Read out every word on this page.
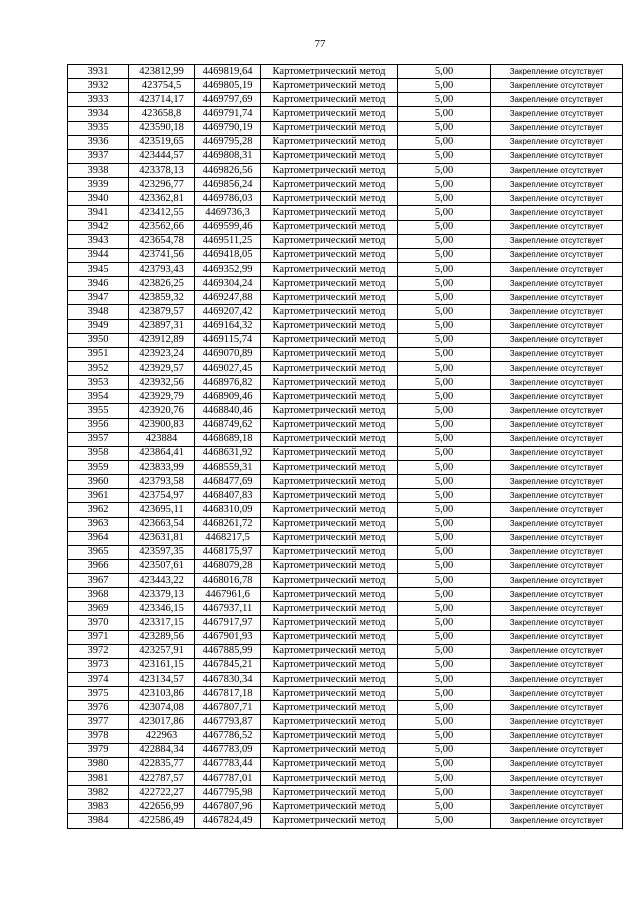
77
3931	423812,99	4469819,64	Картометрический метод	5,00	Закрепление отсутствует
3932	423754,5	4469805,19	Картометрический метод	5,00	Закрепление отсутствует
3933	423714,17	4469797,69	Картометрический метод	5,00	Закрепление отсутствует
3934	423658,8	4469791,74	Картометрический метод	5,00	Закрепление отсутствует
3935	423590,18	4469790,19	Картометрический метод	5,00	Закрепление отсутствует
3936	423519,65	4469795,28	Картометрический метод	5,00	Закрепление отсутствует
3937	423444,57	4469808,31	Картометрический метод	5,00	Закрепление отсутствует
3938	423378,13	4469826,56	Картометрический метод	5,00	Закрепление отсутствует
3939	423296,77	4469856,24	Картометрический метод	5,00	Закрепление отсутствует
3940	423362,81	4469786,03	Картометрический метод	5,00	Закрепление отсутствует
3941	423412,55	4469736,3	Картометрический метод	5,00	Закрепление отсутствует
3942	423562,66	4469599,46	Картометрический метод	5,00	Закрепление отсутствует
3943	423654,78	4469511,25	Картометрический метод	5,00	Закрепление отсутствует
3944	423741,56	4469418,05	Картометрический метод	5,00	Закрепление отсутствует
3945	423793,43	4469352,99	Картометрический метод	5,00	Закрепление отсутствует
3946	423826,25	4469304,24	Картометрический метод	5,00	Закрепление отсутствует
3947	423859,32	4469247,88	Картометрический метод	5,00	Закрепление отсутствует
3948	423879,57	4469207,42	Картометрический метод	5,00	Закрепление отсутствует
3949	423897,31	4469164,32	Картометрический метод	5,00	Закрепление отсутствует
3950	423912,89	4469115,74	Картометрический метод	5,00	Закрепление отсутствует
3951	423923,24	4469070,89	Картометрический метод	5,00	Закрепление отсутствует
3952	423929,57	4469027,45	Картометрический метод	5,00	Закрепление отсутствует
3953	423932,56	4468976,82	Картометрический метод	5,00	Закрепление отсутствует
3954	423929,79	4468909,46	Картометрический метод	5,00	Закрепление отсутствует
3955	423920,76	4468840,46	Картометрический метод	5,00	Закрепление отсутствует
3956	423900,83	4468749,62	Картометрический метод	5,00	Закрепление отсутствует
3957	423884	4468689,18	Картометрический метод	5,00	Закрепление отсутствует
3958	423864,41	4468631,92	Картометрический метод	5,00	Закрепление отсутствует
3959	423833,99	4468559,31	Картометрический метод	5,00	Закрепление отсутствует
3960	423793,58	4468477,69	Картометрический метод	5,00	Закрепление отсутствует
3961	423754,97	4468407,83	Картометрический метод	5,00	Закрепление отсутствует
3962	423695,11	4468310,09	Картометрический метод	5,00	Закрепление отсутствует
3963	423663,54	4468261,72	Картометрический метод	5,00	Закрепление отсутствует
3964	423631,81	4468217,5	Картометрический метод	5,00	Закрепление отсутствует
3965	423597,35	4468175,97	Картометрический метод	5,00	Закрепление отсутствует
3966	423507,61	4468079,28	Картометрический метод	5,00	Закрепление отсутствует
3967	423443,22	4468016,78	Картометрический метод	5,00	Закрепление отсутствует
3968	423379,13	4467961,6	Картометрический метод	5,00	Закрепление отсутствует
3969	423346,15	4467937,11	Картометрический метод	5,00	Закрепление отсутствует
3970	423317,15	4467917,97	Картометрический метод	5,00	Закрепление отсутствует
3971	423289,56	4467901,93	Картометрический метод	5,00	Закрепление отсутствует
3972	423257,91	4467885,99	Картометрический метод	5,00	Закрепление отсутствует
3973	423161,15	4467845,21	Картометрический метод	5,00	Закрепление отсутствует
3974	423134,57	4467830,34	Картометрический метод	5,00	Закрепление отсутствует
3975	423103,86	4467817,18	Картометрический метод	5,00	Закрепление отсутствует
3976	423074,08	4467807,71	Картометрический метод	5,00	Закрепление отсутствует
3977	423017,86	4467793,87	Картометрический метод	5,00	Закрепление отсутствует
3978	422963	4467786,52	Картометрический метод	5,00	Закрепление отсутствует
3979	422884,34	4467783,09	Картометрический метод	5,00	Закрепление отсутствует
3980	422835,77	4467783,44	Картометрический метод	5,00	Закрепление отсутствует
3981	422787,57	4467787,01	Картометрический метод	5,00	Закрепление отсутствует
3982	422722,27	4467795,98	Картометрический метод	5,00	Закрепление отсутствует
3983	422656,99	4467807,96	Картометрический метод	5,00	Закрепление отсутствует
3984	422586,49	4467824,49	Картометрический метод	5,00	Закрепление отсутствует
